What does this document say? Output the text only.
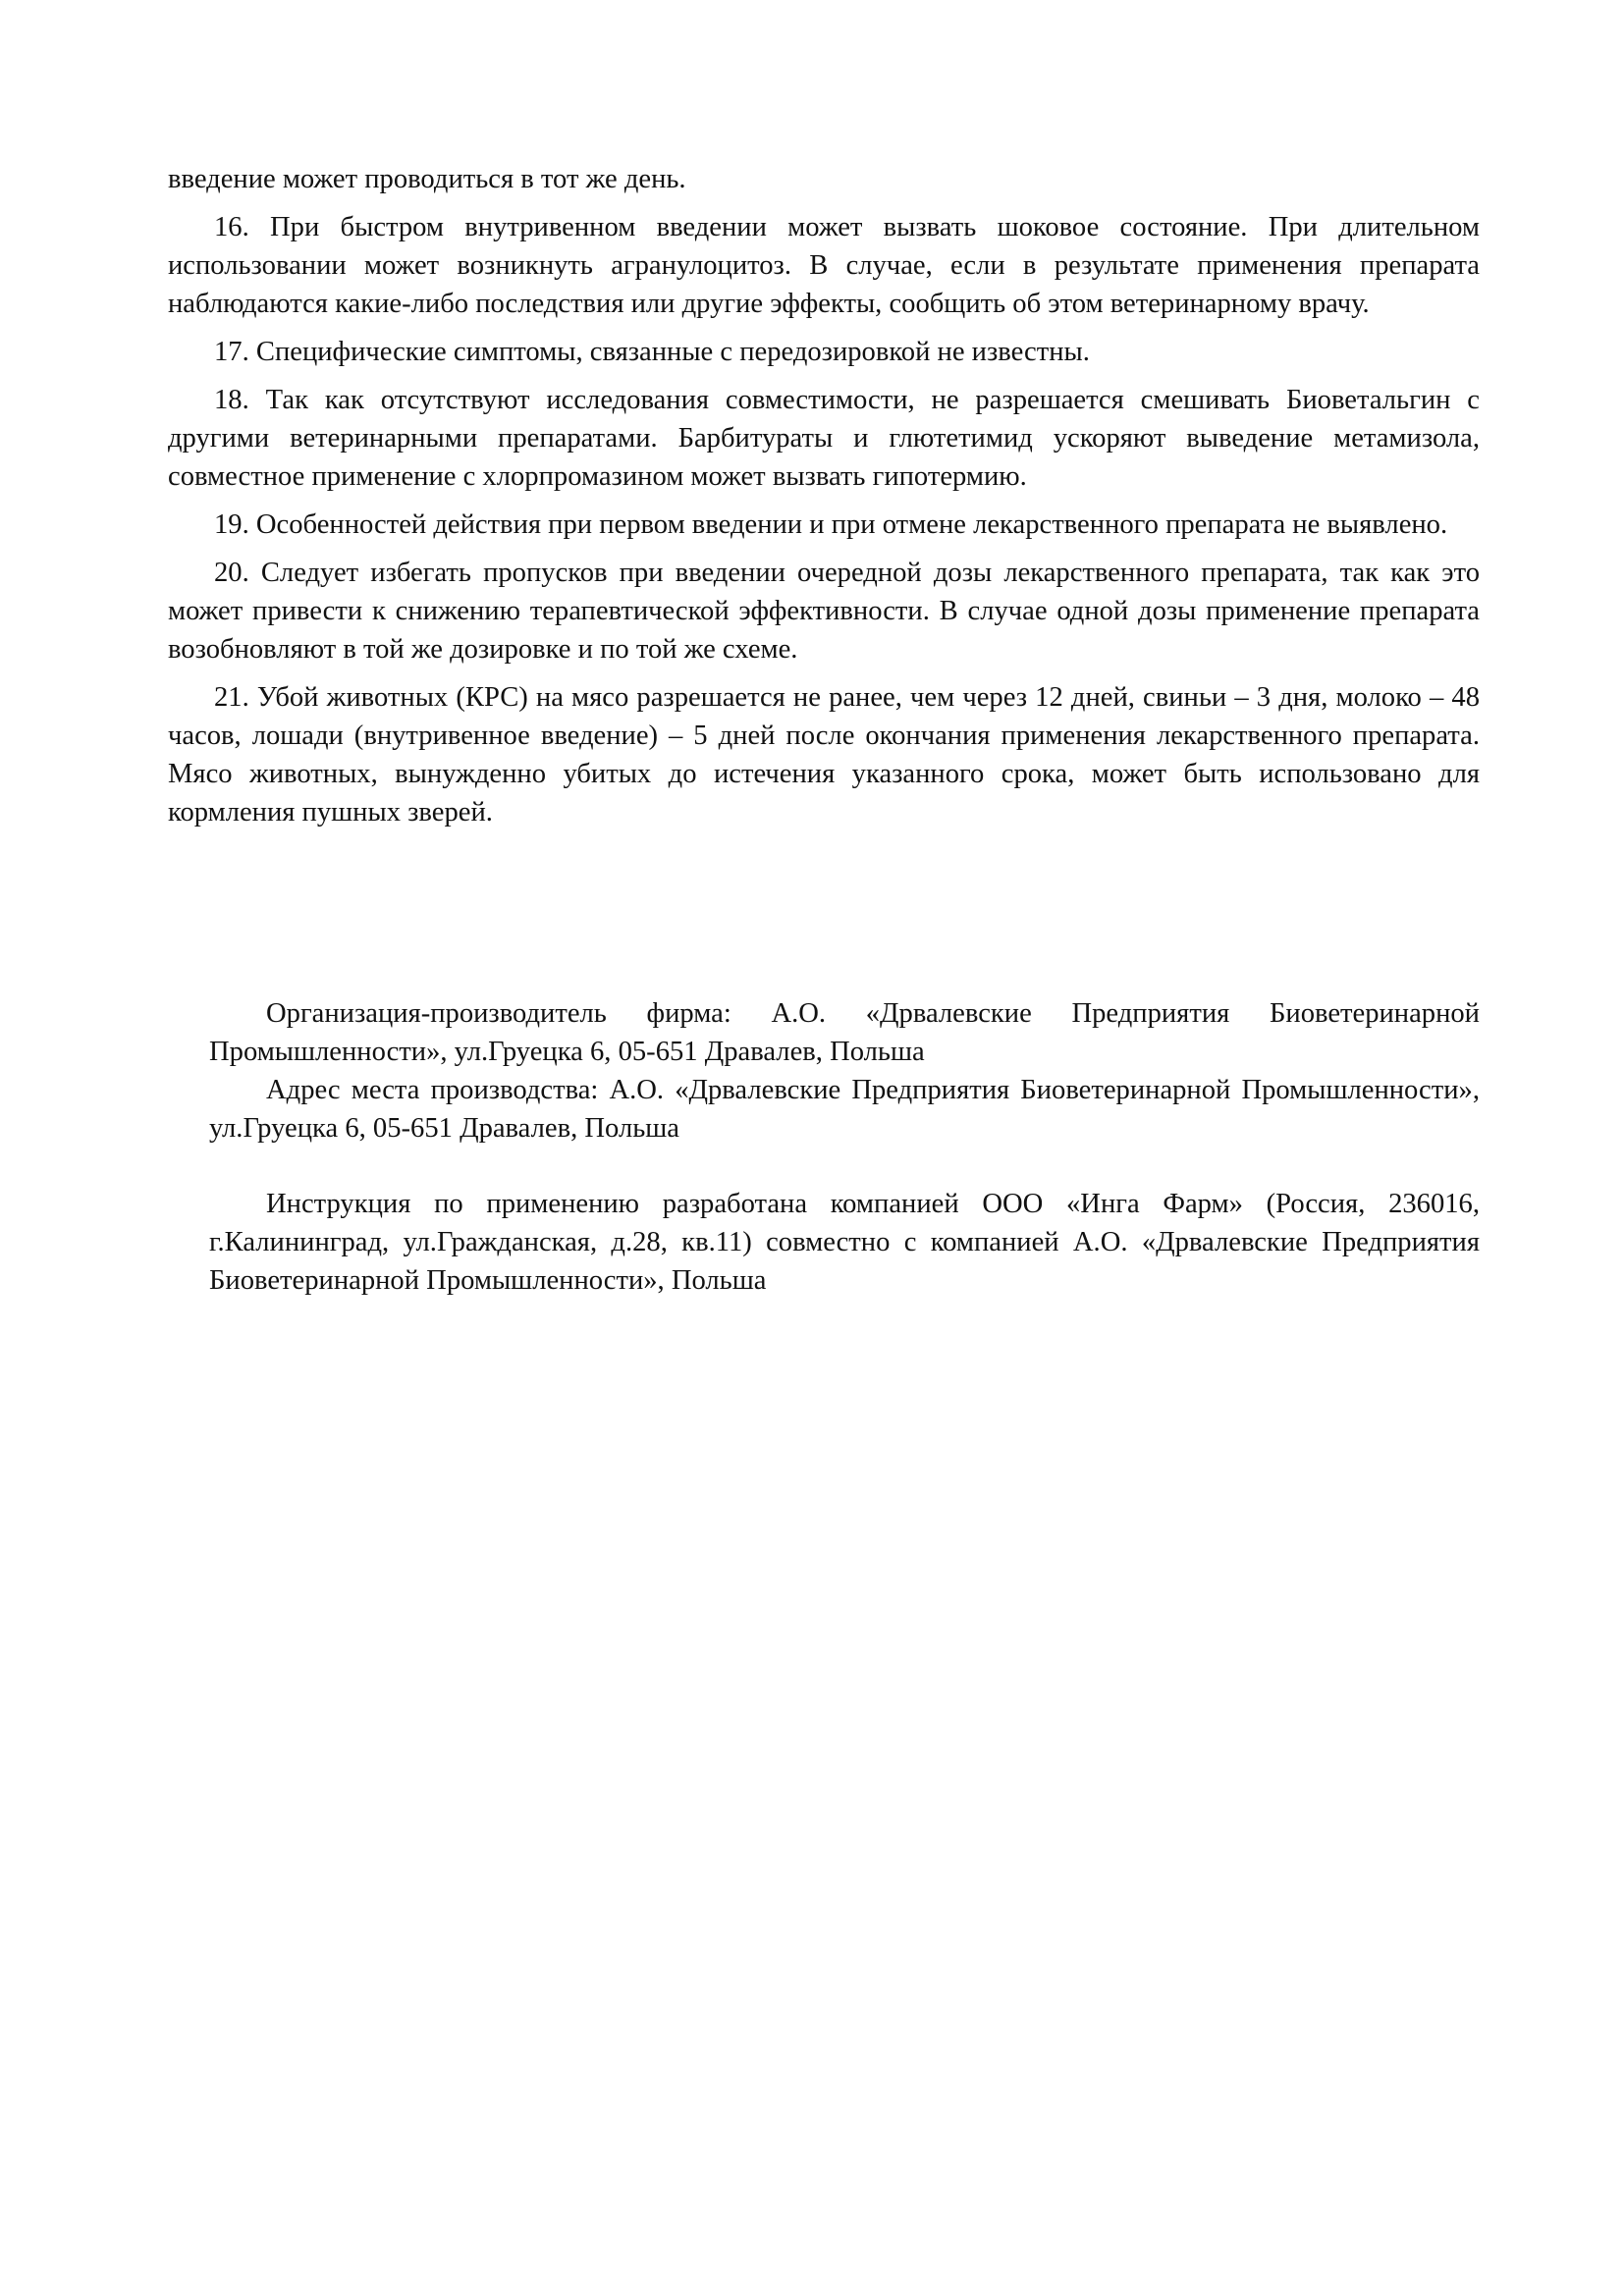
введение может проводиться в тот же день.

16. При быстром внутривенном введении может вызвать шоковое состояние. При длительном использовании может возникнуть агранулоцитоз. В случае, если в результате применения препарата наблюдаются какие-либо последствия или другие эффекты, сообщить об этом ветеринарному врачу.

17. Специфические симптомы, связанные с передозировкой не известны.

18. Так как отсутствуют исследования совместимости, не разрешается смешивать Биоветальгин с другими ветеринарными препаратами. Барбитураты и глютетимид ускоряют выведение метамизола, совместное применение с хлорпромазином может вызвать гипотермию.

19. Особенностей действия при первом введении и при отмене лекарственного препарата не выявлено.

20. Следует избегать пропусков при введении очередной дозы лекарственного препарата, так как это может привести к снижению терапевтической эффективности. В случае одной дозы применение препарата возобновляют в той же дозировке и по той же схеме.

21. Убой животных (КРС) на мясо разрешается не ранее, чем через 12 дней, свиньи – 3 дня, молоко – 48 часов, лошади (внутривенное введение) – 5 дней после окончания применения лекарственного препарата. Мясо животных, вынужденно убитых до истечения указанного срока, может быть использовано для кормления пушных зверей.

Организация-производитель фирма: А.О. «Дрвалевские Предприятия Биоветеринарной Промышленности», ул.Груецка 6, 05-651 Дравалев, Польша

Адрес места производства: А.О. «Дрвалевские Предприятия Биоветеринарной Промышленности», ул.Груецка 6, 05-651 Дравалев, Польша

Инструкция по применению разработана компанией ООО «Инга Фарм» (Россия, 236016, г.Калининград, ул.Гражданская, д.28, кв.11) совместно с компанией А.О. «Дрвалевские Предприятия Биоветеринарной Промышленности», Польша
